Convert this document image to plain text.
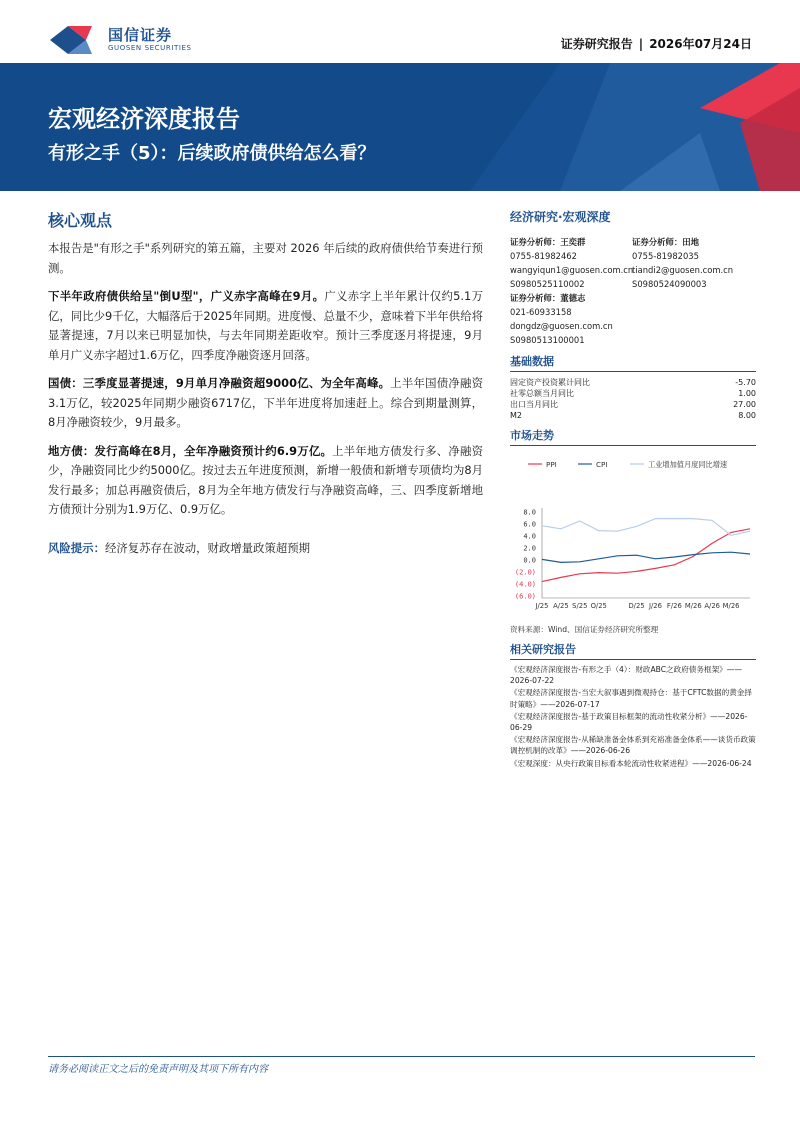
国信证券
GUOSEN SECURITIES	证券研究报告 | 2026年07月24日
宏观经济深度报告
有形之手（5）：后续政府债供给怎么看？
核心观点

本报告是"有形之手"系列研究的第五篇，主要对 2026 年后续的政府债供给节奏进行预测。

下半年政府债供给呈"倒U型"，广义赤字高峰在9月。广义赤字上半年累计仅约5.1万亿，同比少9千亿，大幅落后于2025年同期。进度慢、总量不少，意味着下半年供给将显著提速，7月以来已明显加快，与去年同期差距收窄。预计三季度逐月将提速，9月单月广义赤字超过1.6万亿，四季度净融资逐月回落。

国债：三季度显著提速，9月单月净融资超9000亿、为全年高峰。上半年国债净融资3.1万亿，较2025年同期少融资6717亿，下半年进度将加速赶上。综合到期量测算，8月净融资较少，9月最多。

地方债：发行高峰在8月，全年净融资预计约6.9万亿。上半年地方债发行多、净融资少，净融资同比少约5000亿。按过去五年进度预测，新增一般债和新增专项债均为8月发行最多；加总再融资债后，8月为全年地方债发行与净融资高峰，三、四季度新增地方债预计分别为1.9万亿、0.9万亿。

风险提示：经济复苏存在波动，财政增量政策超预期
经济研究·宏观深度
证券分析师：王奕群
0755-81982462
wangyiqun1@guosen.com.cn
S0980525110002
证券分析师：田地
0755-81982035
tiandi2@guosen.com.cn
S0980524090003
证券分析师：董德志
021-60933158
dongdz@guosen.com.cn
S0980513100001
基础数据
固定资产投资累计同比	-5.70
社零总额当月同比	1.00
出口当月同比	27.00
M2	8.00
市场走势
PPI	CPI	工业增加值月度同比增速
8.0
6.0
4.0
2.0
0.0
(2.0)
(4.0)
(6.0)
J/25 A/25 S/25 O/25	D/25 J/26 F/26 M/26 A/26 M/26
资料来源：Wind、国信证券经济研究所整理
相关研究报告
《宏观经济深度报告-有形之手（4）：财政ABC之政府债务框架》——2026-07-22
《宏观经济深度报告-当宏大叙事遇到微观持仓：基于CFTC数据的黄金择时策略》——2026-07-17
《宏观经济深度报告-基于政策目标框架的流动性收紧分析》——2026-06-29
《宏观经济深度报告-从稀缺准备金体系到充裕准备金体系——谈货币政策调控机制的改革》——2026-06-26
《宏观深度：从央行政策目标看本轮流动性收紧进程》——2026-06-24
请务必阅读正文之后的免责声明及其项下所有内容
